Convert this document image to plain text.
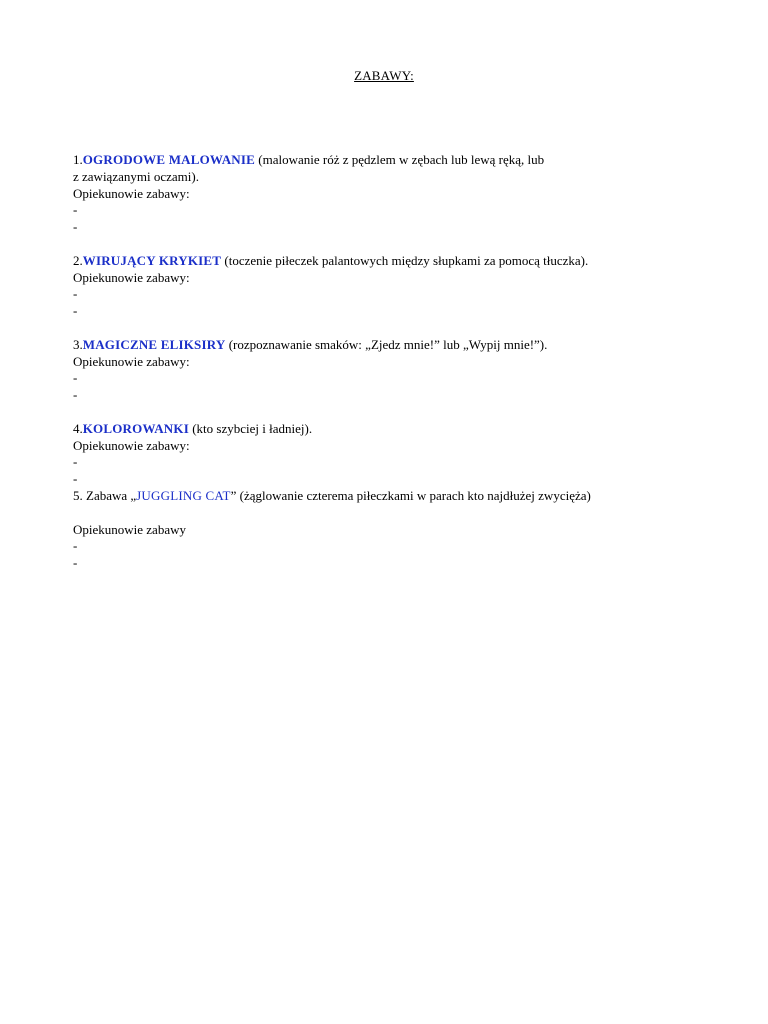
ZABAWY:
1.OGRODOWE MALOWANIE (malowanie róż z pędzlem w zębach lub lewą ręką, lub
z zawiązanymi oczami).
Opiekunowie zabawy:
-
-
2.WIRUJĄCY KRYKIET (toczenie piłeczek palantowych między słupkami za pomocą tłuczka).
Opiekunowie zabawy:
-
-
3.MAGICZNE ELIKSIRY (rozpoznawanie smaków: „Zjedz mnie!” lub „Wypij mnie!”).
Opiekunowie zabawy:
-
-
4.KOLOROWANKI (kto szybciej i ładniej).
Opiekunowie zabawy:
-
-
5. Zabawa „JUGGLING CAT” (żąglowanie czterema piłeczkami w parach kto najdłużej zwycięża)
Opiekunowie zabawy
-
-
